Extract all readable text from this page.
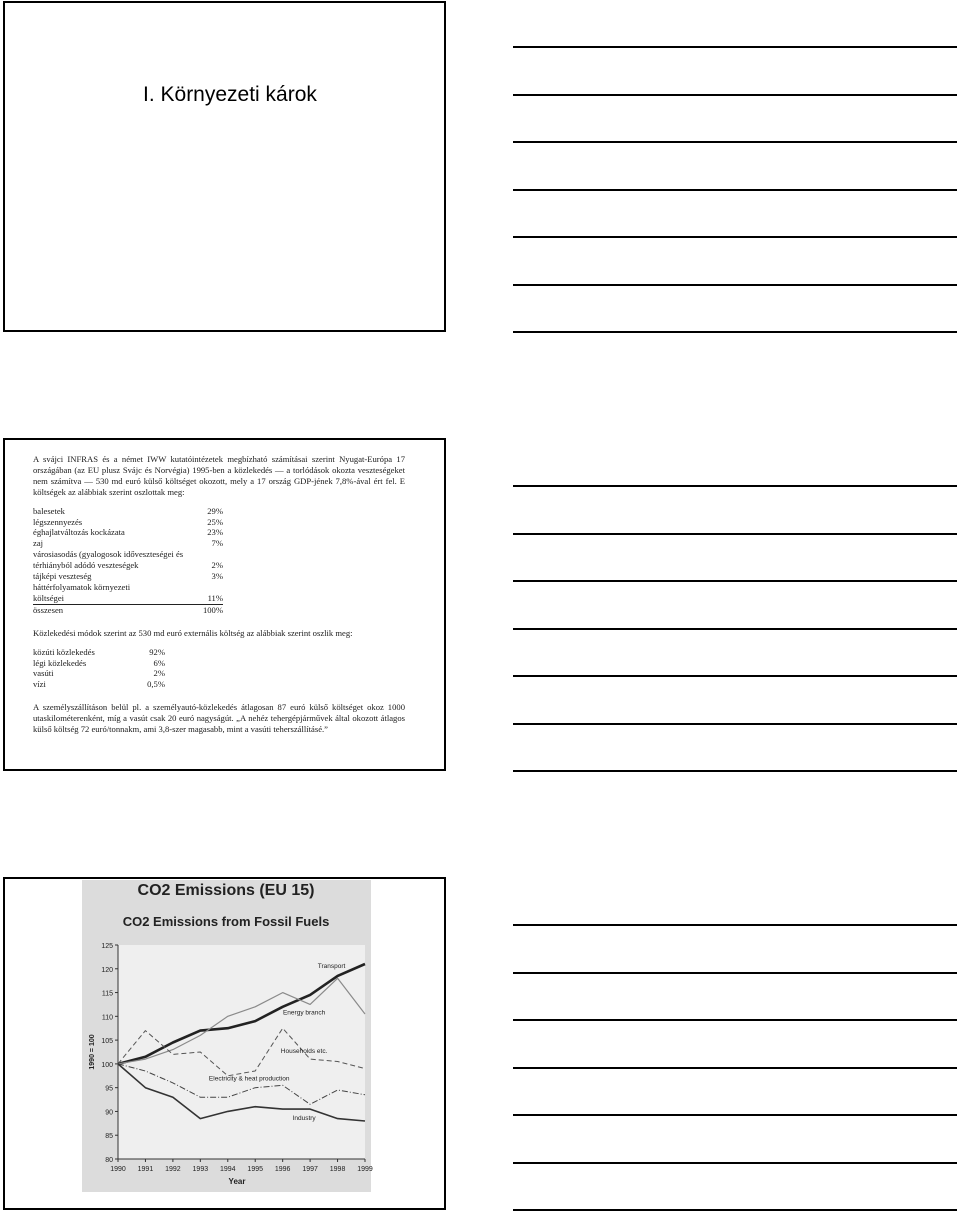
I. Környezeti károk

A svájci INFRAS és a német IWW kutatóintézetek megbízható számításai szerint Nyugat-Európa 17 országában (az EU plusz Svájc és Norvégia) 1995-ben a közlekedés — a torlódások okozta veszteségeket nem számítva — 530 md euró külső költséget okozott, mely a 17 ország GDP-jének 7,8%-ával ért fel. E költségek az alábbiak szerint oszlottak meg:

balesetek	29%
légszennyezés	25%
éghajlatváltozás kockázata	23%
zaj	7%
városiasodás (gyalogosok időveszteségei és
térhiányból adódó veszteségek	2%
tájképi veszteség	3%
háttérfolyamatok környezeti
költségei	11%
összesen	100%

Közlekedési módok szerint az 530 md euró externális költség az alábbiak szerint oszlik meg:

közúti közlekedés	92%
légi közlekedés	6%
vasúti	2%
vízi	0,5%

A személyszállításon belül pl. a személyautó-közlekedés átlagosan 87 euró külső költséget okoz 1000 utaskilométerenként, míg a vasút csak 20 euró nagyságút. „A nehéz tehergépjárművek által okozott átlagos külső költség 72 euró/tonnakm, ami 3,8-szer magasabb, mint a vasúti teherszállításé.”

CO2 Emissions (EU 15)
CO2 Emissions from Fossil Fuels
80
85
90
95
100
105
110
115
120
125
1990 1991 1992 1993 1994 1995 1996 1997 1998 1999
Transport
Energy branch
Households etc.
Electricity & heat production
Industry
Year
1990 = 100
